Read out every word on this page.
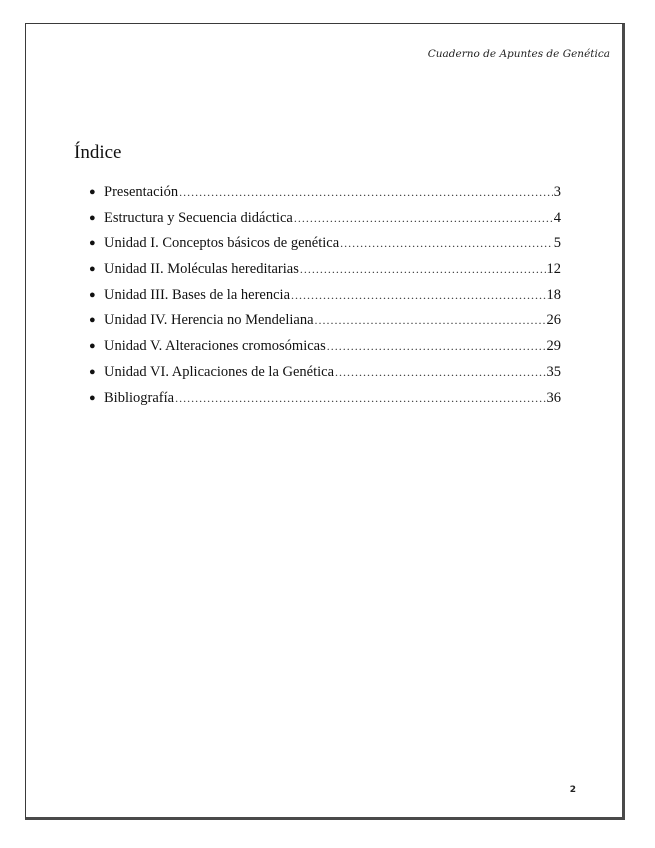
Cuaderno de Apuntes de Genética
Índice
● Presentación .....	3
● Estructura y Secuencia didáctica .....	4
● Unidad I. Conceptos básicos de genética .....	5
● Unidad II. Moléculas hereditarias .....	12
● Unidad III. Bases de la herencia .....	18
● Unidad IV. Herencia no Mendeliana .....	26
● Unidad V. Alteraciones cromosómicas .....	29
● Unidad VI. Aplicaciones de la Genética .....	35
● Bibliografía .....	36
2
